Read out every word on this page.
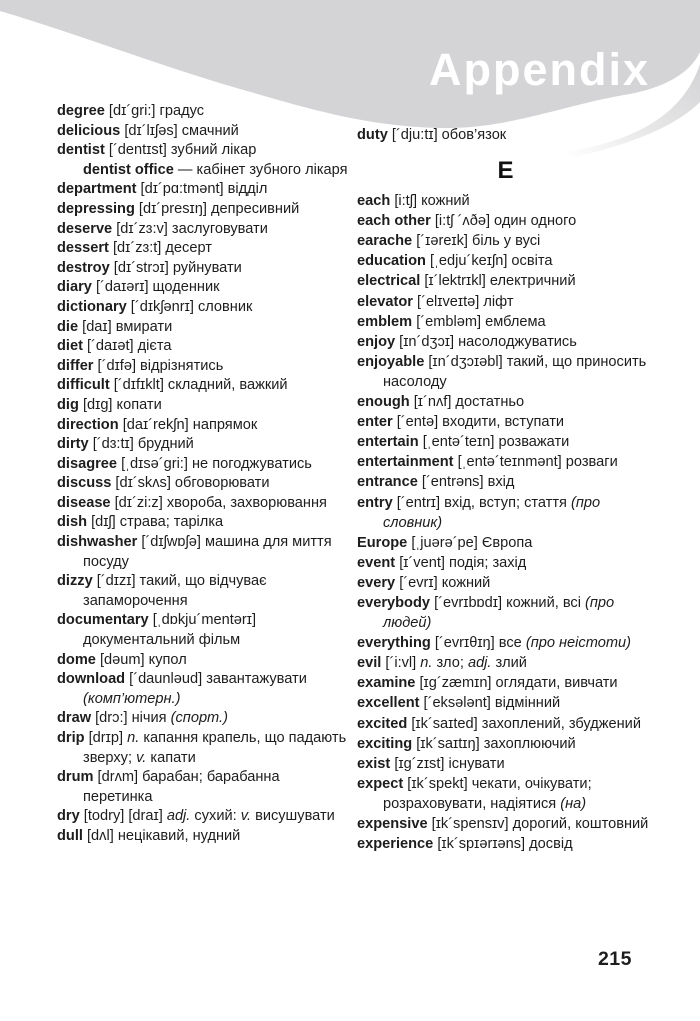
Appendix
degree [dɪ´gri:] градус
delicious [dɪ´lɪʃəs] смачний
dentist [´dentɪst] зубний лікар
dentist office — кабінет зубного лікаря
department [dɪ´pɑ:tmənt] відділ
depressing [dɪ´presɪŋ] депресивний
deserve [dɪ´zɜ:v] заслуговувати
dessert [dɪ´zɜ:t] десерт
destroy [dɪ´strɔɪ] руйнувати
diary [´daɪərɪ] щоденник
dictionary [´dɪkʃənrɪ] словник
die [daɪ] вмирати
diet [´daɪət] дієта
differ [´dɪfə] відрізнятись
difficult [´dɪfɪklt] складний, важкий
dig [dɪg] копати
direction [daɪ´rekʃn] напрямок
dirty [´dɜ:tɪ] брудний
disagree [ˌdɪsə´gri:] не погоджуватись
discuss [dɪ´skʌs] обговорювати
disease [dɪ´zi:z] хвороба, захворювання
dish [dɪʃ] страва; тарілка
dishwasher [´dɪʃwɒʃə] машина для миття посуду
dizzy [´dɪzɪ] такий, що відчуває запаморочення
documentary [ˌdɒkju´mentərɪ] документальний фільм
dome [dəum] купол
download [´daunləud] завантажувати (комп’ютерн.)
draw [drɔ:] нічия (спорт.)
drip [drɪp] n. капання крапель, що падають зверху; v. капати
drum [drʌm] барабан; барабанна перетинка
dry [todry] [draɪ] adj. сухий: v. висушувати
dull [dʌl] нецікавий, нудний
duty [´dju:tɪ] обов’язок
E
each [i:tʃ] кожний
each other [i:tʃ ´ʌðə] один одного
earache [´ɪəreɪk] біль у вусі
education [ˌedju´keɪʃn] освіта
electrical [ɪ´lektrɪkl] електричний
elevator [´elɪveɪtə] ліфт
emblem [´embləm] емблема
enjoy [ɪn´dʒɔɪ] насолоджуватись
enjoyable [ɪn´dʒɔɪəbl] такий, що приносить насолоду
enough [ɪ´nʌf] достатньо
enter [´entə] входити, вступати
entertain [ˌentə´teɪn] розважати
entertainment [ˌentə´teɪnmənt] розваги
entrance [´entrəns] вхід
entry [´entrɪ] вхід, вступ; стаття (про словник)
Europe [ˌjuərə´pe] Європа
event [ɪ´vent] подія; захід
every [´evrɪ] кожний
everybody [´evrɪbɒdɪ] кожний, всі (про людей)
everything [´evrɪθɪŋ] все (про неістоти)
evil [´i:vl] n. зло; adj. злий
examine [ɪg´zæmɪn] оглядати, вивчати
excellent [´eksələnt] відмінний
excited [ɪk´saɪted] захоплений, збуджений
exciting [ɪk´saɪtɪŋ] захоплюючий
exist [ɪg´zɪst] існувати
expect [ɪk´spekt] чекати, очікувати; розраховувати, надіятися (на)
expensive [ɪk´spensɪv] дорогий, коштовний
experience [ɪk´spɪərɪəns] досвід
215
